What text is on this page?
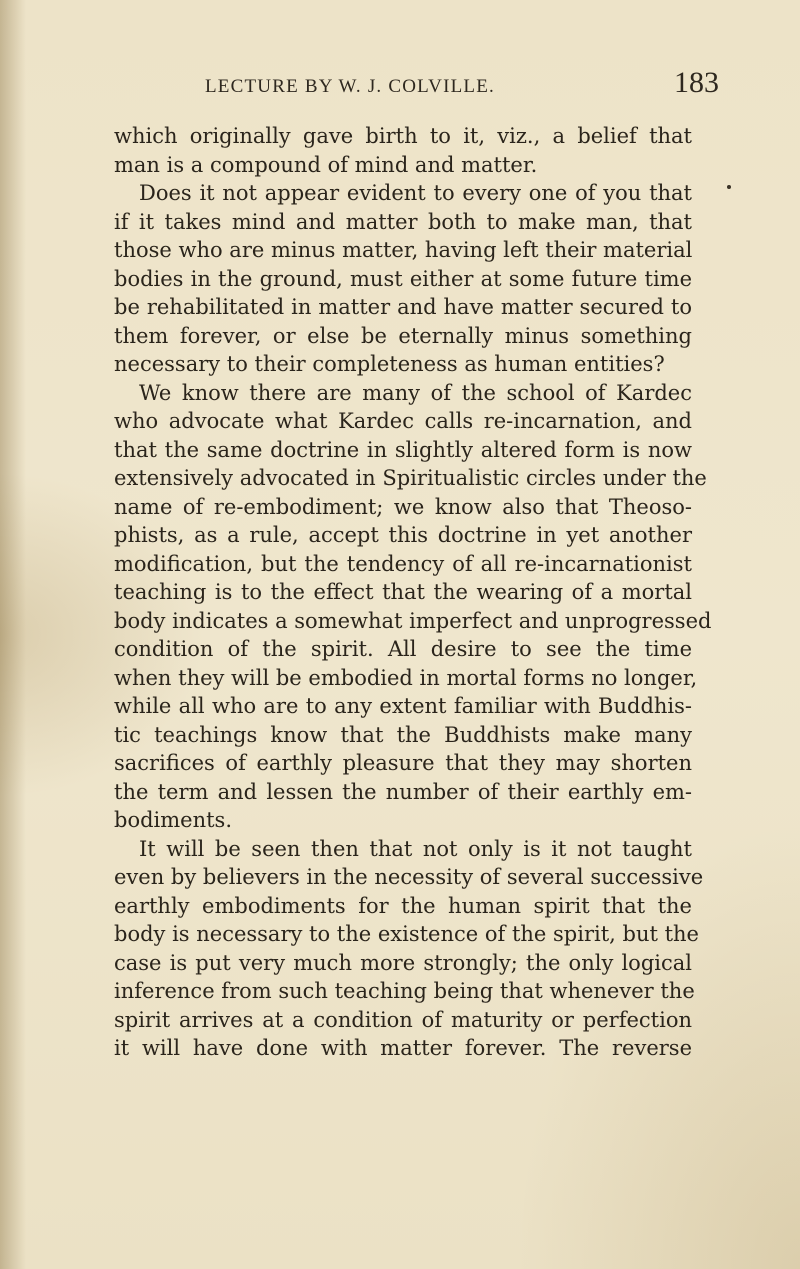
LECTURE BY W. J. COLVILLE.	183
which originally gave birth to it, viz., a belief that
man is a compound of mind and matter.
Does it not appear evident to every one of you that
if it takes mind and matter both to make man, that
those who are minus matter, having left their material
bodies in the ground, must either at some future time
be rehabilitated in matter and have matter secured to
them forever, or else be eternally minus something
necessary to their completeness as human entities?
We know there are many of the school of Kardec
who advocate what Kardec calls re-incarnation, and
that the same doctrine in slightly altered form is now
extensively advocated in Spiritualistic circles under the
name of re-embodiment; we know also that Theoso-
phists, as a rule, accept this doctrine in yet another
modification, but the tendency of all re-incarnationist
teaching is to the effect that the wearing of a mortal
body indicates a somewhat imperfect and unprogressed
condition of the spirit. All desire to see the time
when they will be embodied in mortal forms no longer,
while all who are to any extent familiar with Buddhis-
tic teachings know that the Buddhists make many
sacrifices of earthly pleasure that they may shorten
the term and lessen the number of their earthly em-
bodiments.
It will be seen then that not only is it not taught
even by believers in the necessity of several successive
earthly embodiments for the human spirit that the
body is necessary to the existence of the spirit, but the
case is put very much more strongly; the only logical
inference from such teaching being that whenever the
spirit arrives at a condition of maturity or perfection
it will have done with matter forever. The reverse
